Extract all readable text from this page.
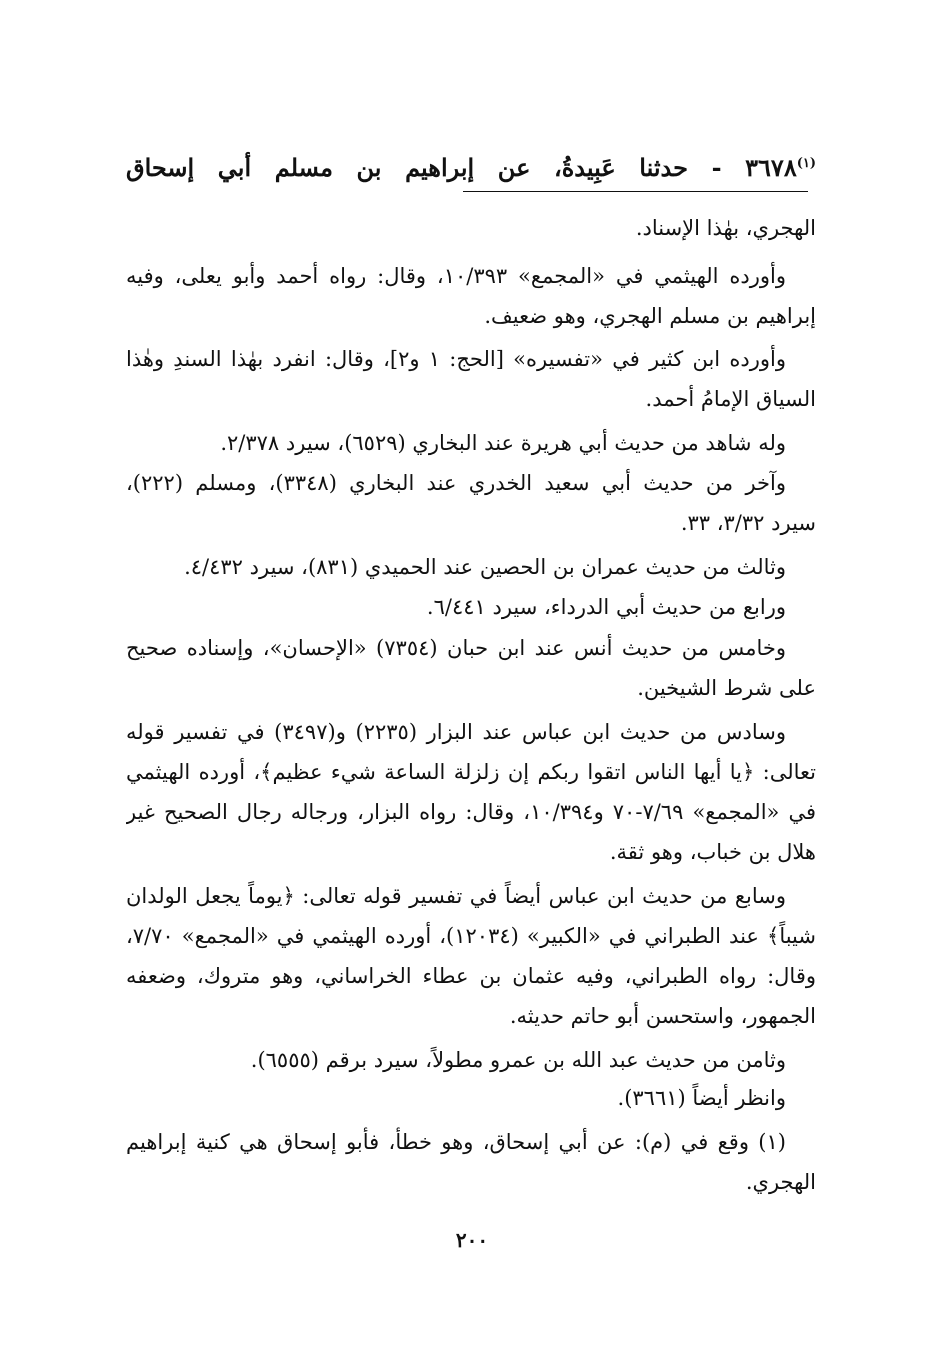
$^{(١)}$٣٦٧٨ - حدثنا عَبِيدةُ، عن إبراهيم بن مسلم أبي إسحاق
الهجري، بهٰذا الإسناد.
وأورده الهيثمي في «المجمع» ١٠/٣٩٣، وقال: رواه أحمد وأبو يعلى، وفيه
إبراهيم بن مسلم الهجري، وهو ضعيف.
وأورده ابن كثير في «تفسيره» [الحج: ١ و٢]، وقال: انفرد بهٰذا السندِ وهٰذا
السياق الإمامُ أحمد.
وله شاهد من حديث أبي هريرة عند البخاري (٦٥٢٩)، سيرد ٢/٣٧٨.
وآخر من حديث أبي سعيد الخدري عند البخاري (٣٣٤٨)، ومسلم (٢٢٢)،
سيرد ٣/٣٢، ٣٣.
وثالث من حديث عمران بن الحصين عند الحميدي (٨٣١)، سيرد ٤/٤٣٢.
ورابع من حديث أبي الدرداء، سيرد ٦/٤٤١.
وخامس من حديث أنس عند ابن حبان (٧٣٥٤) «الإحسان»، وإسناده صحيح
على شرط الشيخين.
وسادس من حديث ابن عباس عند البزار (٢٢٣٥) و(٣٤٩٧) في تفسير قوله
تعالى: ﴿يا أيها الناس اتقوا ربكم إن زلزلة الساعة شيء عظيم﴾، أورده الهيثمي
في «المجمع» ٧/٦٩-٧٠ و١٠/٣٩٤، وقال: رواه البزار، ورجاله رجال الصحيح غير
هلال بن خباب، وهو ثقة.
وسابع من حديث ابن عباس أيضاً في تفسير قوله تعالى: ﴿يوماً يجعل الولدان
شيباً﴾ عند الطبراني في «الكبير» (١٢٠٣٤)، أورده الهيثمي في «المجمع» ٧/٧٠،
وقال: رواه الطبراني، وفيه عثمان بن عطاء الخراساني، وهو متروك، وضعفه
الجمهور، واستحسن أبو حاتم حديثه.
وثامن من حديث عبد الله بن عمرو مطولاً، سيرد برقم (٦٥٥٥).
وانظر أيضاً (٣٦٦١).
(١) وقع في (م): عن أبي إسحاق، وهو خطأ، فأبو إسحاق هي كنية إبراهيم
الهجري.
٢٠٠
